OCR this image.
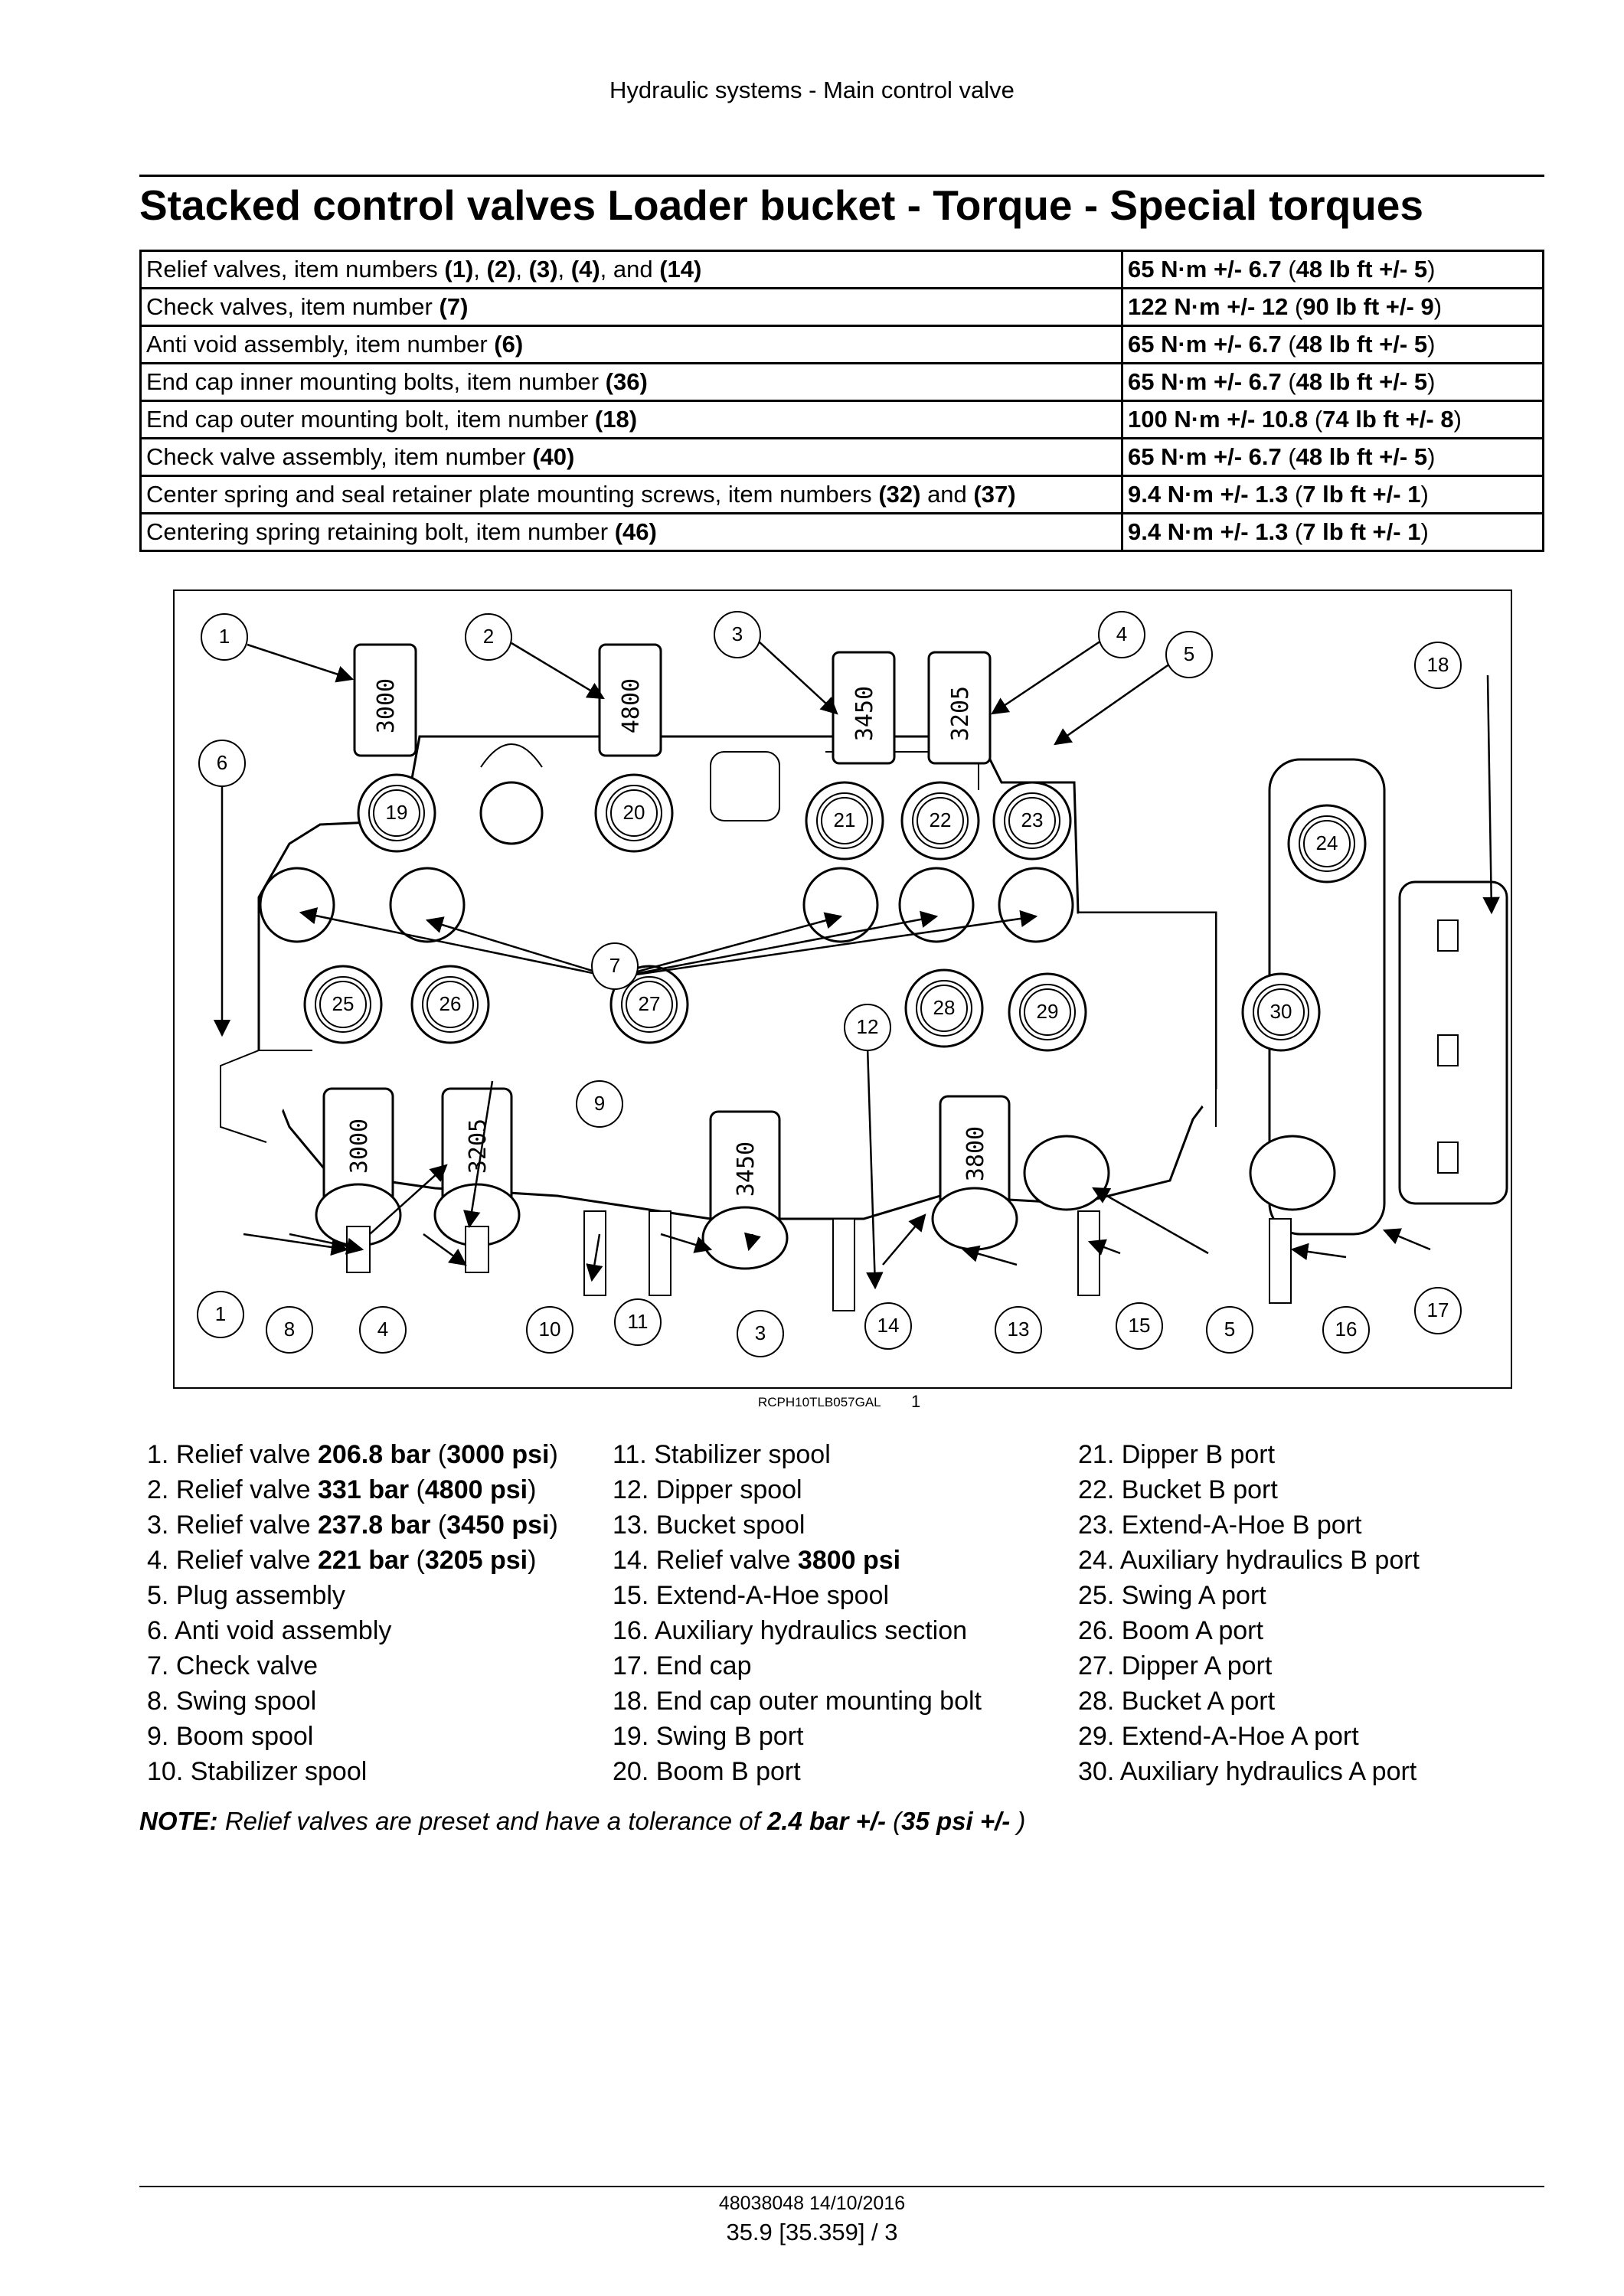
Hydraulic systems - Main control valve
Stacked control valves Loader bucket - Torque - Special torques
Relief valves, item numbers (1), (2), (3), (4), and (14)	65 N·m +/- 6.7 (48 lb ft +/- 5)
Check valves, item number (7)	122 N·m +/- 12 (90 lb ft +/- 9)
Anti void assembly, item number (6)	65 N·m +/- 6.7 (48 lb ft +/- 5)
End cap inner mounting bolts, item number (36)	65 N·m +/- 6.7 (48 lb ft +/- 5)
End cap outer mounting bolt, item number (18)	100 N·m +/- 10.8 (74 lb ft +/- 8)
Check valve assembly, item number (40)	65 N·m +/- 6.7 (48 lb ft +/- 5)
Center spring and seal retainer plate mounting screws, item numbers (32) and (37)	9.4 N·m +/- 1.3 (7 lb ft +/- 1)
Centering spring retaining bolt, item number (46)	9.4 N·m +/- 1.3 (7 lb ft +/- 1)
3000	4800	3450	3205
3000	3205	3450	3800
1	2	3	4
5
6
7
8
9
10	11
12
13
14	15	16
17
18
19	20	21	22	23
24
25	26	27	28	29	30
1
4	3	5
RCPH10TLB057GAL 1
1. Relief valve 206.8 bar (3000 psi)
2. Relief valve 331 bar (4800 psi)
3. Relief valve 237.8 bar (3450 psi)
4. Relief valve 221 bar (3205 psi)
5. Plug assembly
6. Anti void assembly
7. Check valve
8. Swing spool
9. Boom spool
10. Stabilizer spool
11. Stabilizer spool
12. Dipper spool
13. Bucket spool
14. Relief valve 3800 psi
15. Extend-A-Hoe spool
16. Auxiliary hydraulics section
17. End cap
18. End cap outer mounting bolt
19. Swing B port
20. Boom B port
21. Dipper B port
22. Bucket B port
23. Extend-A-Hoe B port
24. Auxiliary hydraulics B port
25. Swing A port
26. Boom A port
27. Dipper A port
28. Bucket A port
29. Extend-A-Hoe A port
30. Auxiliary hydraulics A port
NOTE: Relief valves are preset and have a tolerance of 2.4 bar +/- (35 psi +/- )
48038048 14/10/2016
35.9 [35.359] / 3
